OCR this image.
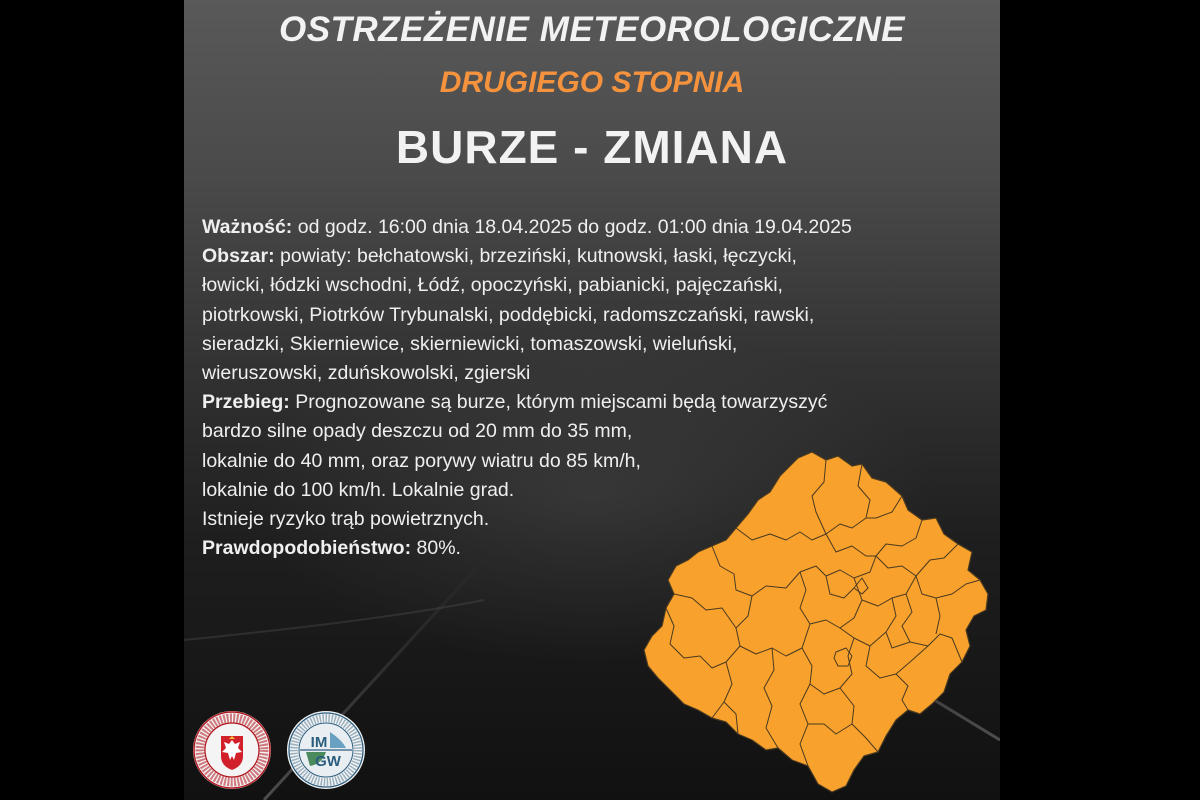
OSTRZEŻENIE METEOROLOGICZNE
DRUGIEGO STOPNIA
BURZE - ZMIANA
Ważność: od godz. 16:00 dnia 18.04.2025 do godz. 01:00 dnia 19.04.2025
Obszar: powiaty: bełchatowski, brzeziński, kutnowski, łaski, łęczycki,
łowicki, łódzki wschodni, Łódź, opoczyński, pabianicki, pajęczański,
piotrkowski, Piotrków Trybunalski, poddębicki, radomszczański, rawski,
sieradzki, Skierniewice, skierniewicki, tomaszowski, wieluński,
wieruszowski, zduńskowolski, zgierski
Przebieg: Prognozowane są burze, którym miejscami będą towarzyszyć
bardzo silne opady deszczu od 20 mm do 35 mm,
lokalnie do 40 mm, oraz porywy wiatru do 85 km/h,
lokalnie do 100 km/h. Lokalnie grad.
Istnieje ryzyko trąb powietrznych.
Prawdopodobieństwo: 80%.
IM
GW
